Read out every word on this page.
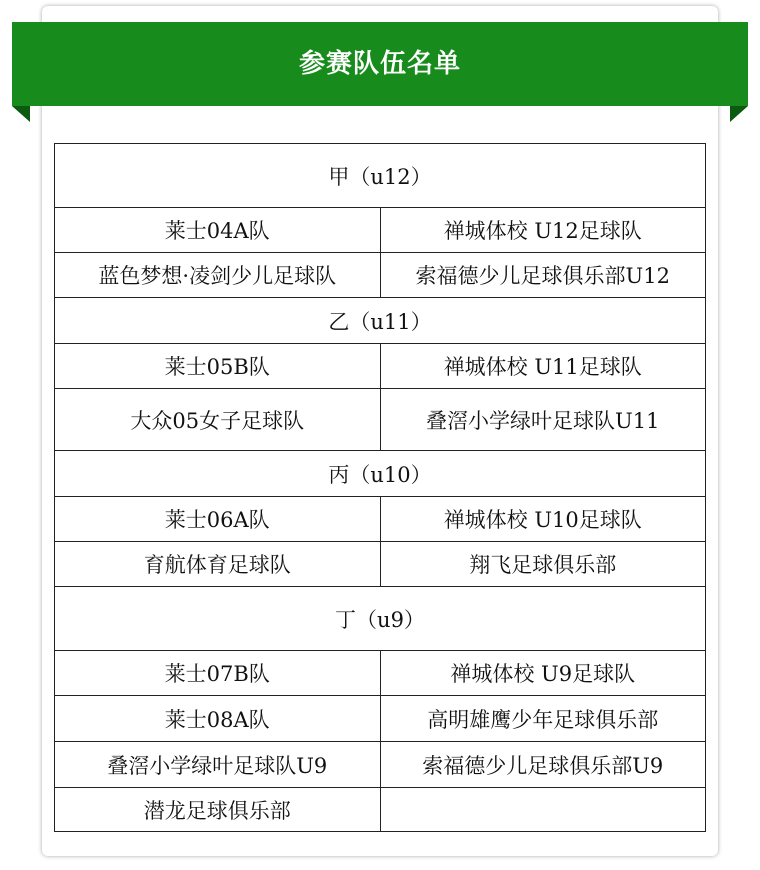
参赛队伍名单
甲（u12）	
莱士04A队	禅城体校 U12足球队
蓝色梦想·凌剑少儿足球队	索福德少儿足球俱乐部U12
乙（u11）	
莱士05B队	禅城体校 U11足球队
大众05女子足球队	叠滘小学绿叶足球队U11
丙（u10）	
莱士06A队	禅城体校 U10足球队
育航体育足球队	翔飞足球俱乐部
丁（u9）	
莱士07B队	禅城体校 U9足球队
莱士08A队	高明雄鹰少年足球俱乐部
叠滘小学绿叶足球队U9	索福德少儿足球俱乐部U9
潜龙足球俱乐部	
